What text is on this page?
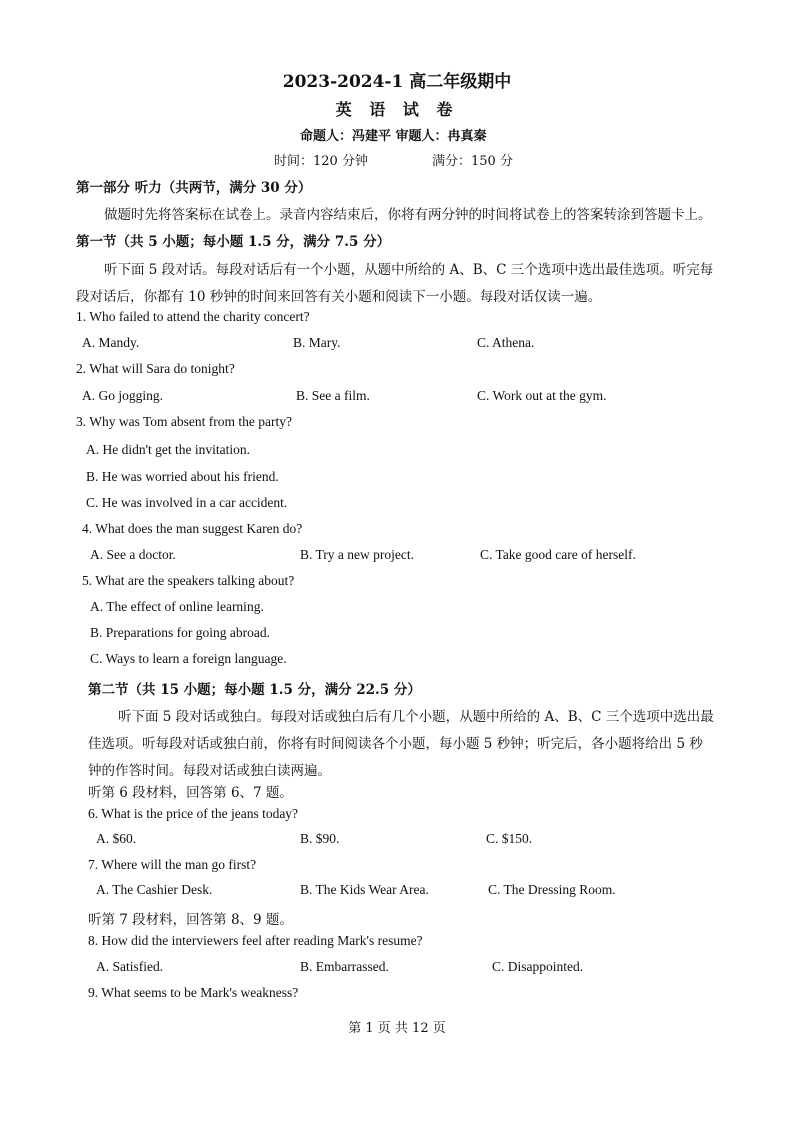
2023-2024-1 高二年级期中
英 语 试 卷
命题人：冯建平 审题人：冉真秦
时间：120 分钟	满分：150 分
第一部分 听力（共两节，满分 30 分）
做题时先将答案标在试卷上。录音内容结束后，你将有两分钟的时间将试卷上的答案转涂到答题卡上。
第一节（共 5 小题；每小题 1.5 分，满分 7.5 分）
听下面 5 段对话。每段对话后有一个小题，从题中所给的 A、B、C 三个选项中选出最佳选项。听完每
段对话后，你都有 10 秒钟的时间来回答有关小题和阅读下一小题。每段对话仅读一遍。
1. Who failed to attend the charity concert?
A. Mandy.	B. Mary.	C. Athena.
2. What will Sara do tonight?
A. Go jogging.	B. See a film.	C. Work out at the gym.
3. Why was Tom absent from the party?
A. He didn't get the invitation.
B. He was worried about his friend.
C. He was involved in a car accident.
4. What does the man suggest Karen do?
A. See a doctor.	B. Try a new project.	C. Take good care of herself.
5. What are the speakers talking about?
A. The effect of online learning.
B. Preparations for going abroad.
C. Ways to learn a foreign language.
第二节（共 15 小题；每小题 1.5 分，满分 22.5 分）
听下面 5 段对话或独白。每段对话或独白后有几个小题，从题中所给的 A、B、C 三个选项中选出最
佳选项。听每段对话或独白前，你将有时间阅读各个小题，每小题 5 秒钟；听完后，各小题将给出 5 秒
钟的作答时间。每段对话或独白读两遍。
听第 6 段材料，回答第 6、7 题。
6. What is the price of the jeans today?
A. $60.	B. $90.	C. $150.
7. Where will the man go first?
A. The Cashier Desk.	B. The Kids Wear Area.	C. The Dressing Room.
听第 7 段材料，回答第 8、9 题。
8. How did the interviewers feel after reading Mark's resume?
A. Satisfied.	B. Embarrassed.	C. Disappointed.
9. What seems to be Mark's weakness?
第 1 页 共 12 页
